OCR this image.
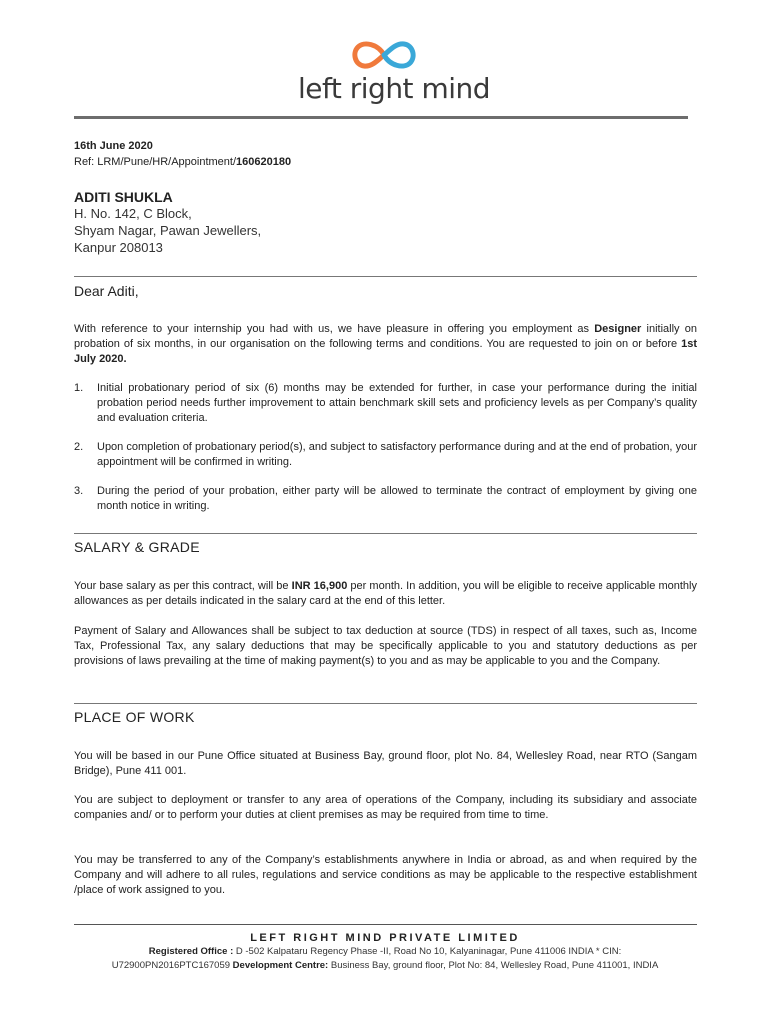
left right mind
16th June 2020
Ref: LRM/Pune/HR/Appointment/160620180
ADITI SHUKLA
H. No. 142, C Block,
Shyam Nagar, Pawan Jewellers,
Kanpur 208013
Dear Aditi,
With reference to your internship you had with us, we have pleasure in offering you employment as Designer initially on probation of six months, in our organisation on the following terms and conditions. You are requested to join on or before 1st July 2020.
1. Initial probationary period of six (6) months may be extended for further, in case your performance during the initial probation period needs further improvement to attain benchmark skill sets and proficiency levels as per Company’s quality and evaluation criteria.
2. Upon completion of probationary period(s), and subject to satisfactory performance during and at the end of probation, your appointment will be confirmed in writing.
3. During the period of your probation, either party will be allowed to terminate the contract of employment by giving one month notice in writing.
SALARY & GRADE
Your base salary as per this contract, will be INR 16,900 per month. In addition, you will be eligible to receive applicable monthly allowances as per details indicated in the salary card at the end of this letter.
Payment of Salary and Allowances shall be subject to tax deduction at source (TDS) in respect of all taxes, such as, Income Tax, Professional Tax, any salary deductions that may be specifically applicable to you and statutory deductions as per provisions of laws prevailing at the time of making payment(s) to you and as may be applicable to you and the Company.
PLACE OF WORK
You will be based in our Pune Office situated at Business Bay, ground floor, plot No. 84, Wellesley Road, near RTO (Sangam Bridge), Pune 411 001.
You are subject to deployment or transfer to any area of operations of the Company, including its subsidiary and associate companies and/ or to perform your duties at client premises as may be required from time to time.
You may be transferred to any of the Company’s establishments anywhere in India or abroad, as and when required by the Company and will adhere to all rules, regulations and service conditions as may be applicable to the respective establishment /place of work assigned to you.
LEFT RIGHT MIND PRIVATE LIMITED
Registered Office : D -502 Kalpataru Regency Phase -II, Road No 10, Kalyaninagar, Pune 411006 INDIA * CIN:
U72900PN2016PTC167059 Development Centre: Business Bay, ground floor, Plot No: 84, Wellesley Road, Pune 411001, INDIA
